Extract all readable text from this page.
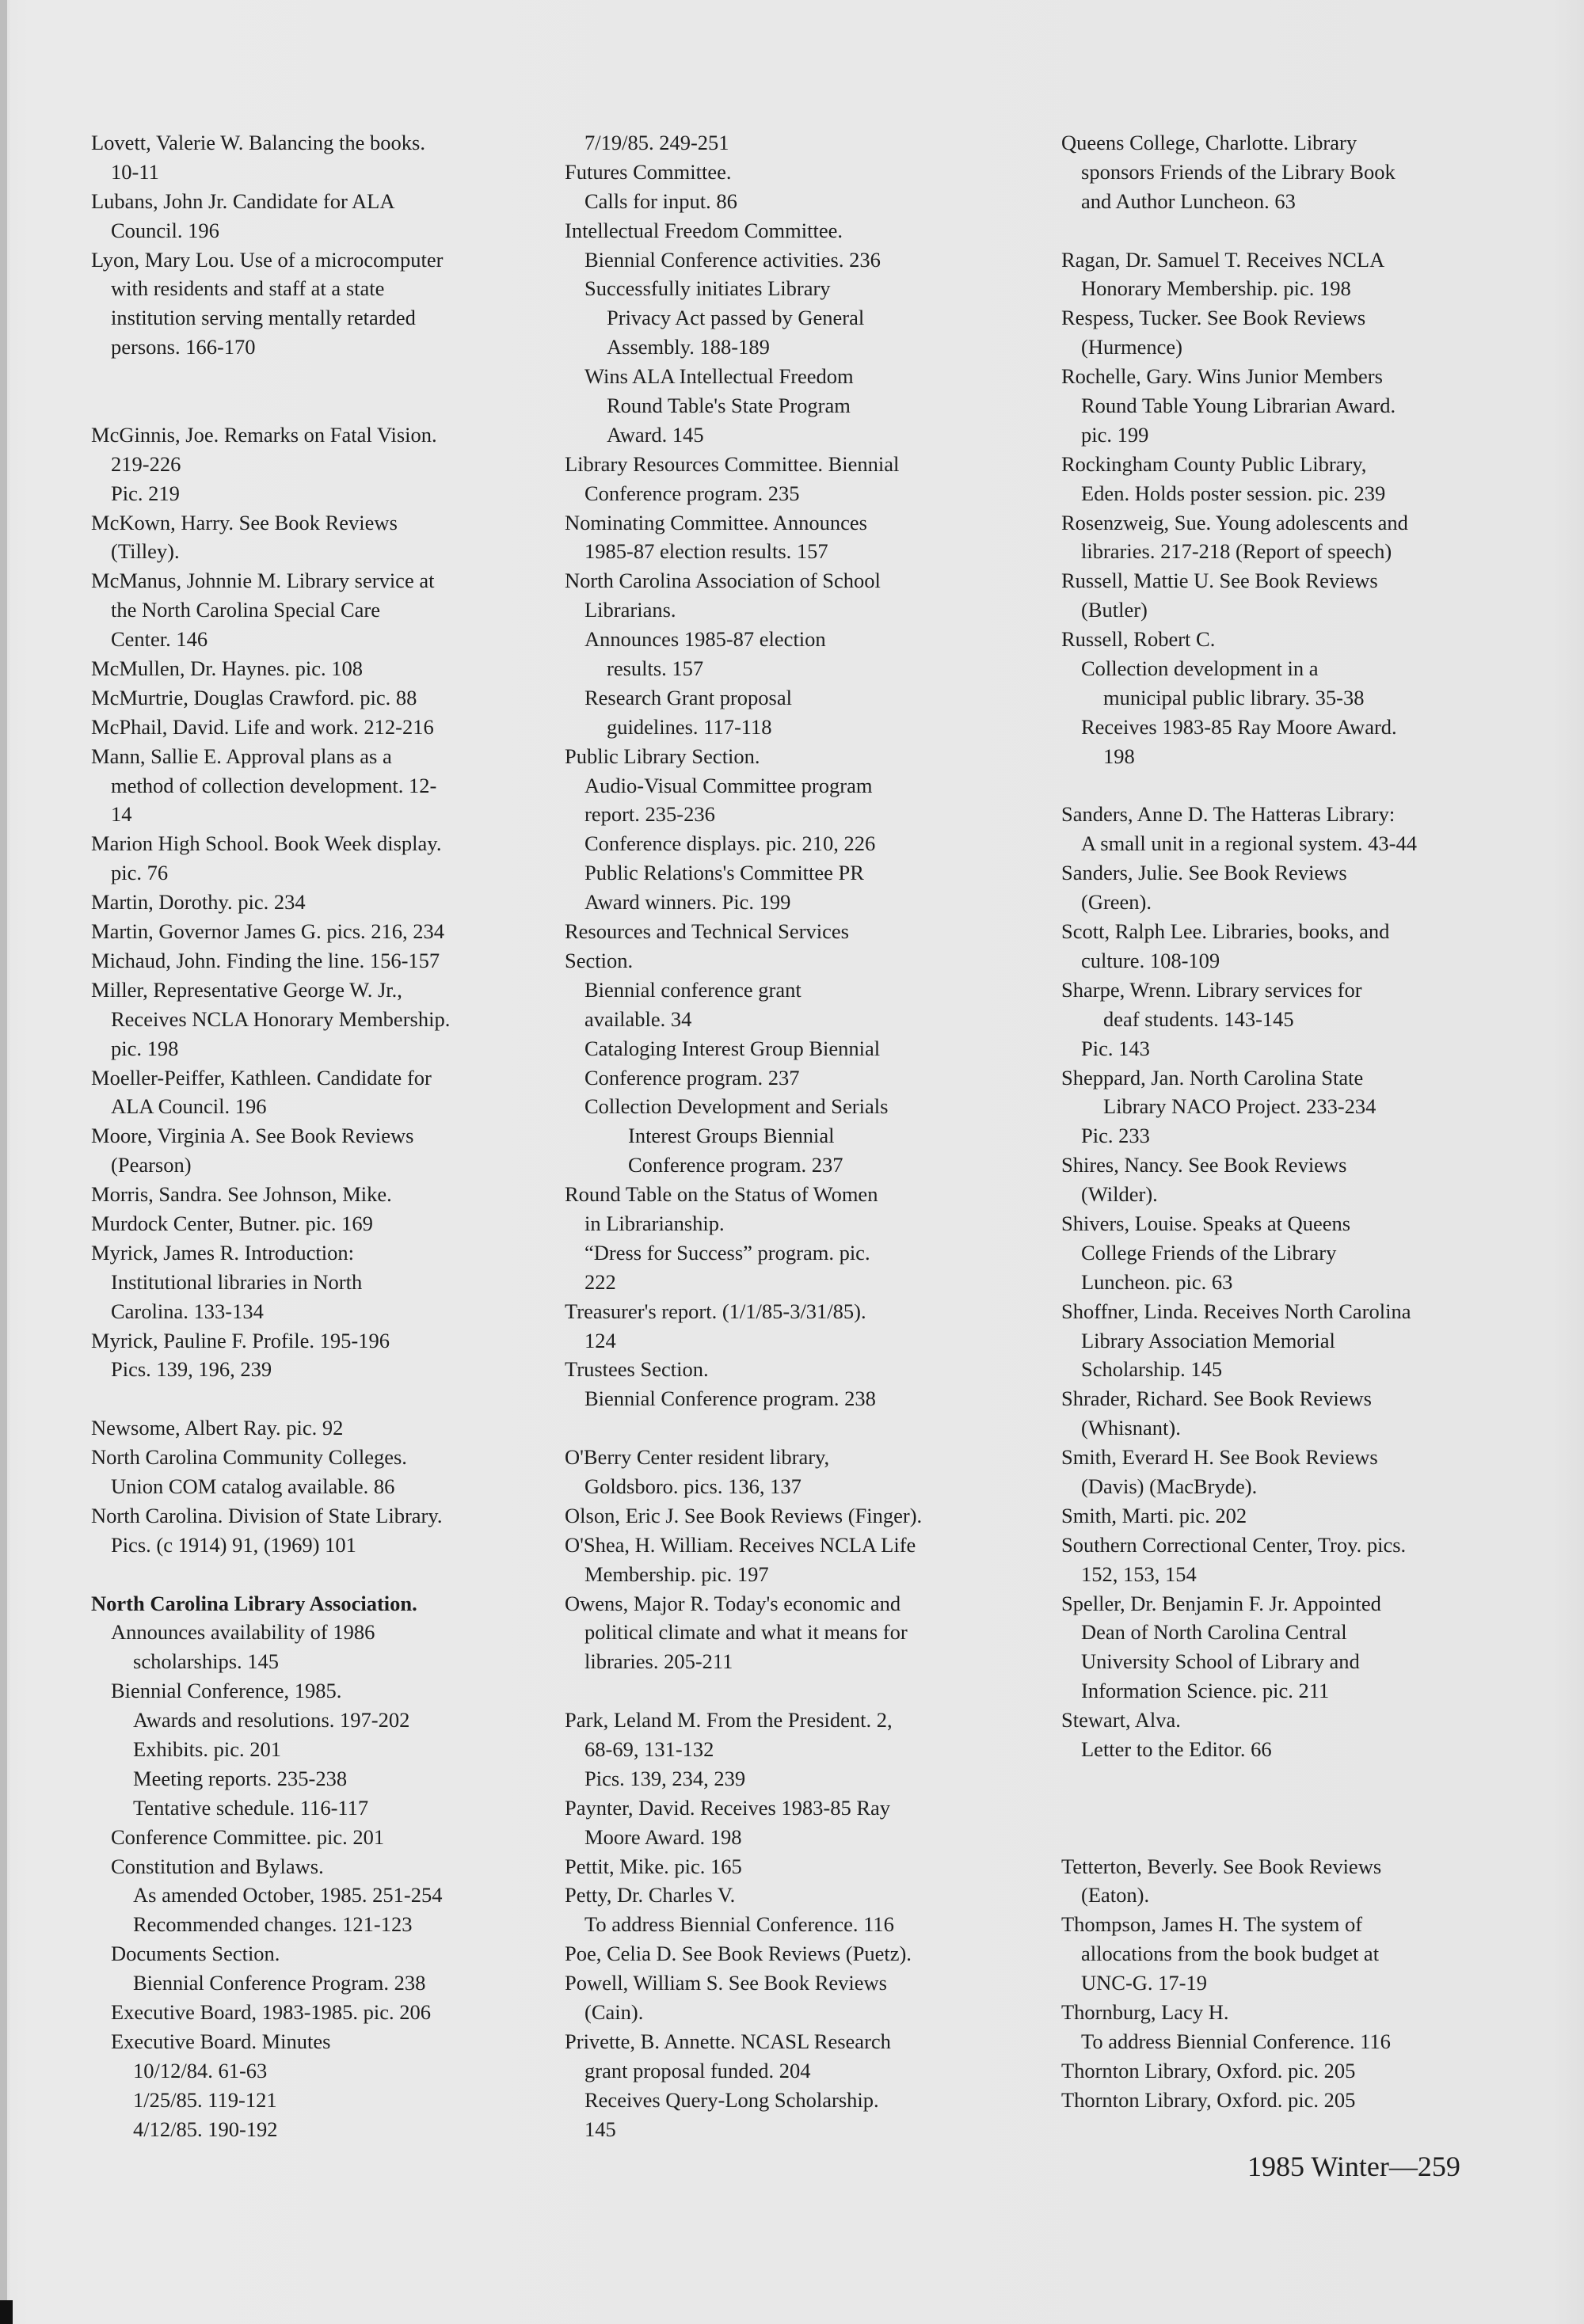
Lovett, Valerie W. Balancing the books.
10-11
Lubans, John Jr. Candidate for ALA
Council. 196
Lyon, Mary Lou. Use of a microcomputer
with residents and staff at a state
institution serving mentally retarded
persons. 166-170
McGinnis, Joe. Remarks on Fatal Vision.
219-226
Pic. 219
McKown, Harry. See Book Reviews
(Tilley).
McManus, Johnnie M. Library service at
the North Carolina Special Care
Center. 146
McMullen, Dr. Haynes. pic. 108
McMurtrie, Douglas Crawford. pic. 88
McPhail, David. Life and work. 212-216
Mann, Sallie E. Approval plans as a
method of collection development. 12-
14
Marion High School. Book Week display.
pic. 76
Martin, Dorothy. pic. 234
Martin, Governor James G. pics. 216, 234
Michaud, John. Finding the line. 156-157
Miller, Representative George W. Jr.,
Receives NCLA Honorary Membership.
pic. 198
Moeller-Peiffer, Kathleen. Candidate for
ALA Council. 196
Moore, Virginia A. See Book Reviews
(Pearson)
Morris, Sandra. See Johnson, Mike.
Murdock Center, Butner. pic. 169
Myrick, James R. Introduction:
Institutional libraries in North
Carolina. 133-134
Myrick, Pauline F. Profile. 195-196
Pics. 139, 196, 239
Newsome, Albert Ray. pic. 92
North Carolina Community Colleges.
Union COM catalog available. 86
North Carolina. Division of State Library.
Pics. (c 1914) 91, (1969) 101
North Carolina Library Association.
Announces availability of 1986
scholarships. 145
Biennial Conference, 1985.
Awards and resolutions. 197-202
Exhibits. pic. 201
Meeting reports. 235-238
Tentative schedule. 116-117
Conference Committee. pic. 201
Constitution and Bylaws.
As amended October, 1985. 251-254
Recommended changes. 121-123
Documents Section.
Biennial Conference Program. 238
Executive Board, 1983-1985. pic. 206
Executive Board. Minutes
10/12/84. 61-63
1/25/85. 119-121
4/12/85. 190-192
7/19/85. 249-251
Futures Committee.
Calls for input. 86
Intellectual Freedom Committee.
Biennial Conference activities. 236
Successfully initiates Library
Privacy Act passed by General
Assembly. 188-189
Wins ALA Intellectual Freedom
Round Table's State Program
Award. 145
Library Resources Committee. Biennial
Conference program. 235
Nominating Committee. Announces
1985-87 election results. 157
North Carolina Association of School
Librarians.
Announces 1985-87 election
results. 157
Research Grant proposal
guidelines. 117-118
Public Library Section.
Audio-Visual Committee program
report. 235-236
Conference displays. pic. 210, 226
Public Relations's Committee PR
Award winners. Pic. 199
Resources and Technical Services
Section.
Biennial conference grant
available. 34
Cataloging Interest Group Biennial
Conference program. 237
Collection Development and Serials
Interest Groups Biennial
Conference program. 237
Round Table on the Status of Women
in Librarianship.
“Dress for Success” program. pic.
222
Treasurer's report. (1/1/85-3/31/85).
124
Trustees Section.
Biennial Conference program. 238
O'Berry Center resident library,
Goldsboro. pics. 136, 137
Olson, Eric J. See Book Reviews (Finger).
O'Shea, H. William. Receives NCLA Life
Membership. pic. 197
Owens, Major R. Today's economic and
political climate and what it means for
libraries. 205-211
Park, Leland M. From the President. 2,
68-69, 131-132
Pics. 139, 234, 239
Paynter, David. Receives 1983-85 Ray
Moore Award. 198
Pettit, Mike. pic. 165
Petty, Dr. Charles V.
To address Biennial Conference. 116
Poe, Celia D. See Book Reviews (Puetz).
Powell, William S. See Book Reviews
(Cain).
Privette, B. Annette. NCASL Research
grant proposal funded. 204
Receives Query-Long Scholarship.
145
Queens College, Charlotte. Library
sponsors Friends of the Library Book
and Author Luncheon. 63
Ragan, Dr. Samuel T. Receives NCLA
Honorary Membership. pic. 198
Respess, Tucker. See Book Reviews
(Hurmence)
Rochelle, Gary. Wins Junior Members
Round Table Young Librarian Award.
pic. 199
Rockingham County Public Library,
Eden. Holds poster session. pic. 239
Rosenzweig, Sue. Young adolescents and
libraries. 217-218 (Report of speech)
Russell, Mattie U. See Book Reviews
(Butler)
Russell, Robert C.
Collection development in a
municipal public library. 35-38
Receives 1983-85 Ray Moore Award.
198
Sanders, Anne D. The Hatteras Library:
A small unit in a regional system. 43-44
Sanders, Julie. See Book Reviews
(Green).
Scott, Ralph Lee. Libraries, books, and
culture. 108-109
Sharpe, Wrenn. Library services for
deaf students. 143-145
Pic. 143
Sheppard, Jan. North Carolina State
Library NACO Project. 233-234
Pic. 233
Shires, Nancy. See Book Reviews
(Wilder).
Shivers, Louise. Speaks at Queens
College Friends of the Library
Luncheon. pic. 63
Shoffner, Linda. Receives North Carolina
Library Association Memorial
Scholarship. 145
Shrader, Richard. See Book Reviews
(Whisnant).
Smith, Everard H. See Book Reviews
(Davis) (MacBryde).
Smith, Marti. pic. 202
Southern Correctional Center, Troy. pics.
152, 153, 154
Speller, Dr. Benjamin F. Jr. Appointed
Dean of North Carolina Central
University School of Library and
Information Science. pic. 211
Stewart, Alva.
Letter to the Editor. 66
Tetterton, Beverly. See Book Reviews
(Eaton).
Thompson, James H. The system of
allocations from the book budget at
UNC-G. 17-19
Thornburg, Lacy H.
To address Biennial Conference. 116
Thornton Library, Oxford. pic. 205
Thornton Library, Oxford. pic. 205
1985 Winter—259
